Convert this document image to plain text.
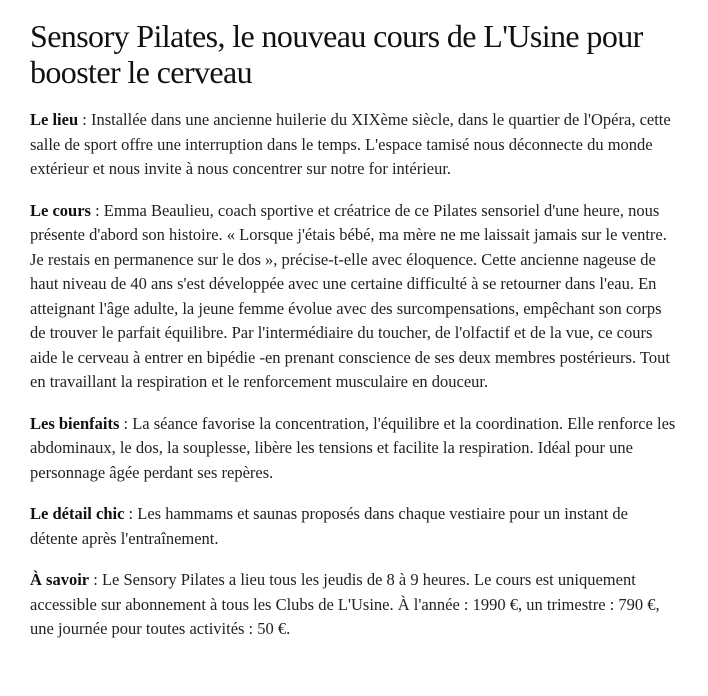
Sensory Pilates, le nouveau cours de L'Usine pour booster le cerveau

Le lieu : Installée dans une ancienne huilerie du XIXème siècle, dans le quartier de l'Opéra, cette salle de sport offre une interruption dans le temps. L'espace tamisé nous déconnecte du monde extérieur et nous invite à nous concentrer sur notre for intérieur.

Le cours : Emma Beaulieu, coach sportive et créatrice de ce Pilates sensoriel d'une heure, nous présente d'abord son histoire. « Lorsque j'étais bébé, ma mère ne me laissait jamais sur le ventre. Je restais en permanence sur le dos », précise-t-elle avec éloquence. Cette ancienne nageuse de haut niveau de 40 ans s'est développée avec une certaine difficulté à se retourner dans l'eau. En atteignant l'âge adulte, la jeune femme évolue avec des surcompensations, empêchant son corps de trouver le parfait équilibre. Par l'intermédiaire du toucher, de l'olfactif et de la vue, ce cours aide le cerveau à entrer en bipédie -en prenant conscience de ses deux membres postérieurs. Tout en travaillant la respiration et le renforcement musculaire en douceur.

Les bienfaits : La séance favorise la concentration, l'équilibre et la coordination. Elle renforce les abdominaux, le dos, la souplesse, libère les tensions et facilite la respiration. Idéal pour une personnage âgée perdant ses repères.

Le détail chic : Les hammams et saunas proposés dans chaque vestiaire pour un instant de détente après l'entraînement.

À savoir : Le Sensory Pilates a lieu tous les jeudis de 8 à 9 heures. Le cours est uniquement accessible sur abonnement à tous les Clubs de L'Usine. À l'année : 1990 €, un trimestre : 790 €, une journée pour toutes activités : 50 €.
